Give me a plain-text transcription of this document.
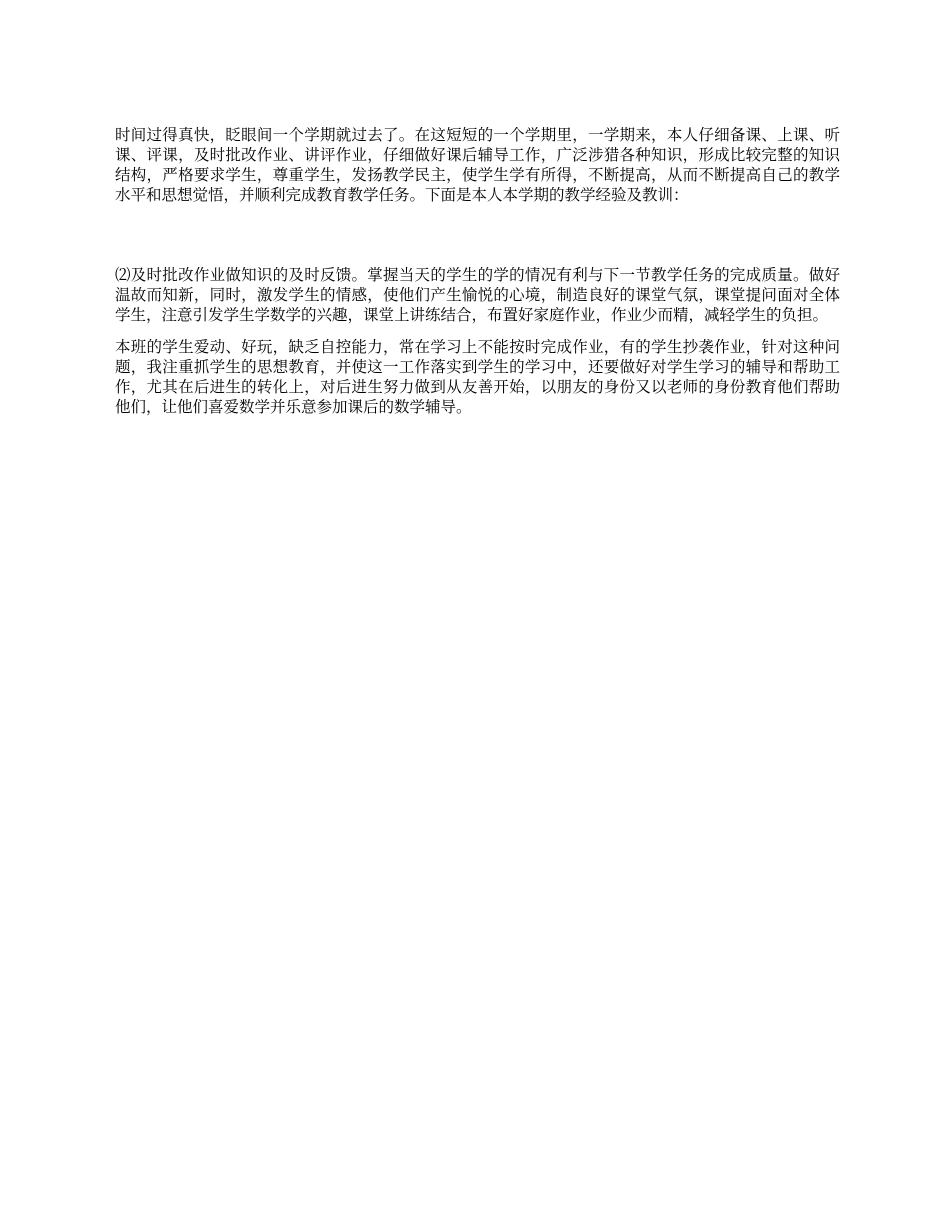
时间过得真快，眨眼间一个学期就过去了。在这短短的一个学期里，一学期来，本人仔细备课、上课、听课、评课，及时批改作业、讲评作业，仔细做好课后辅导工作，广泛涉猎各种知识，形成比较完整的知识结构，严格要求学生，尊重学生，发扬教学民主，使学生学有所得，不断提高，从而不断提高自己的教学水平和思想觉悟，并顺利完成教育教学任务。下面是本人本学期的教学经验及教训：

⑵及时批改作业做知识的及时反馈。掌握当天的学生的学的情况有利与下一节教学任务的完成质量。做好温故而知新，同时，激发学生的情感，使他们产生愉悦的心境，制造良好的课堂气氛，课堂提问面对全体学生，注意引发学生学数学的兴趣，课堂上讲练结合，布置好家庭作业，作业少而精，减轻学生的负担。

本班的学生爱动、好玩，缺乏自控能力，常在学习上不能按时完成作业，有的学生抄袭作业，针对这种问题，我注重抓学生的思想教育，并使这一工作落实到学生的学习中，还要做好对学生学习的辅导和帮助工作，尤其在后进生的转化上，对后进生努力做到从友善开始，以朋友的身份又以老师的身份教育他们帮助他们，让他们喜爱数学并乐意参加课后的数学辅导。
